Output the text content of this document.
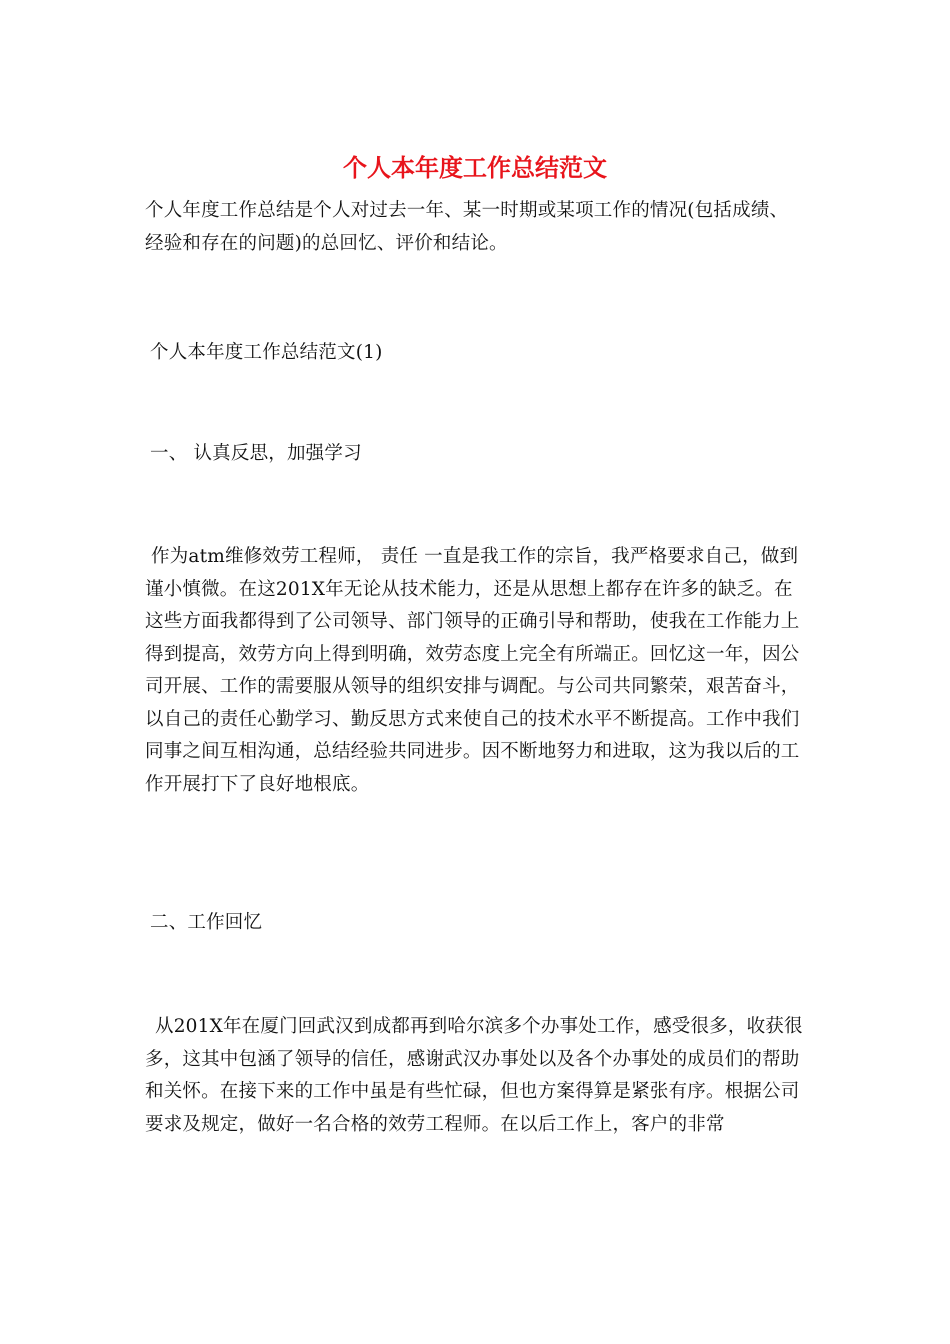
个人本年度工作总结范文

个人年度工作总结是个人对过去一年、某一时期或某项工作的情况(包括成绩、经验和存在的问题)的总回忆、评价和结论。

个人本年度工作总结范文(1)

一、 认真反思，加强学习

作为atm维修效劳工程师， 责任 一直是我工作的宗旨，我严格要求自己，做到谨小慎微。在这201X年无论从技术能力，还是从思想上都存在许多的缺乏。在这些方面我都得到了公司领导、部门领导的正确引导和帮助，使我在工作能力上得到提高，效劳方向上得到明确，效劳态度上完全有所端正。回忆这一年，因公司开展、工作的需要服从领导的组织安排与调配。与公司共同繁荣，艰苦奋斗，以自己的责任心勤学习、勤反思方式来使自己的技术水平不断提高。工作中我们同事之间互相沟通，总结经验共同进步。因不断地努力和进取，这为我以后的工作开展打下了良好地根底。

二、工作回忆

从201X年在厦门回武汉到成都再到哈尔滨多个办事处工作，感受很多，收获很多，这其中包涵了领导的信任，感谢武汉办事处以及各个办事处的成员们的帮助和关怀。在接下来的工作中虽是有些忙碌，但也方案得算是紧张有序。根据公司要求及规定，做好一名合格的效劳工程师。在以后工作上，客户的非常
